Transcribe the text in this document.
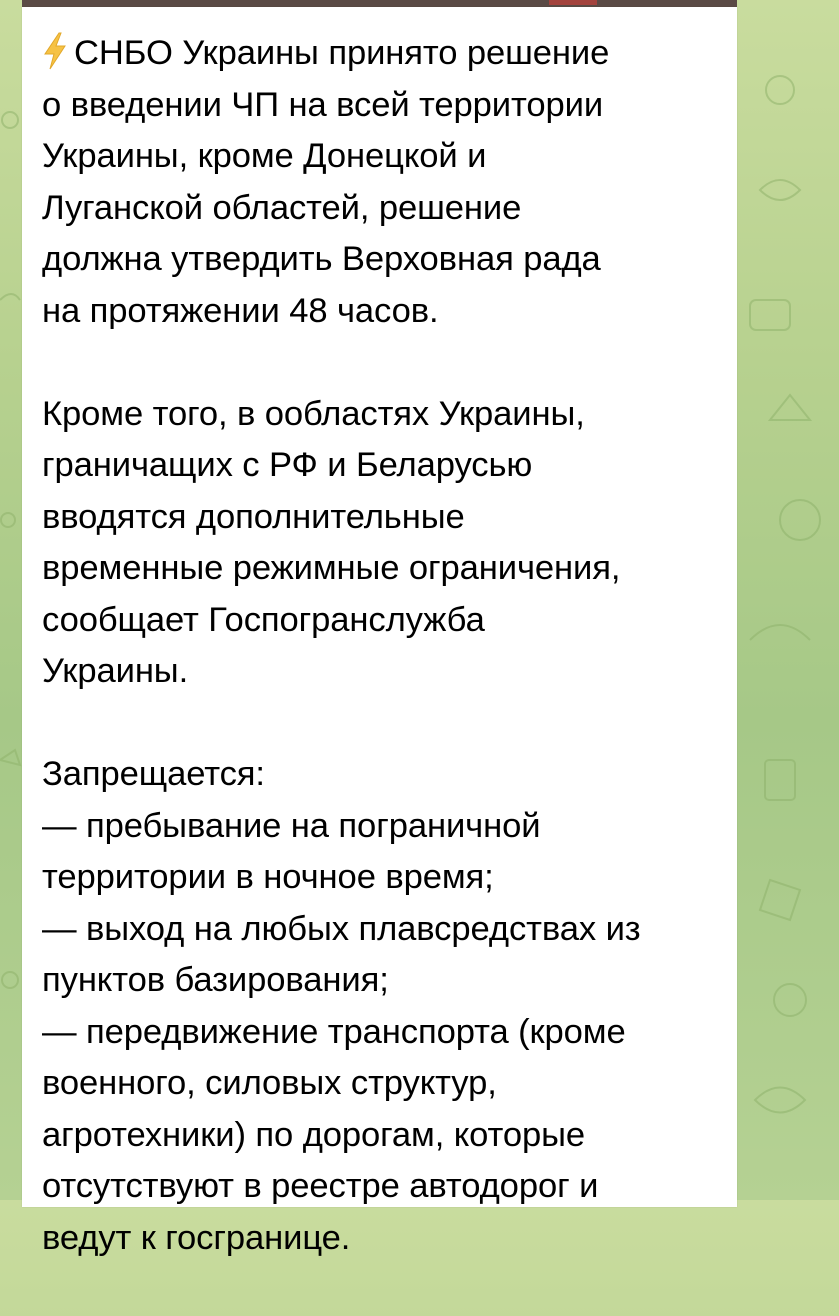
СНБО Украины принято решение
о введении ЧП на всей территории
Украины, кроме Донецкой и
Луганской областей, решение
должна утвердить Верховная рада
на протяжении 48 часов.
Кроме того, в ообластях Украины,
граничащих с РФ и Беларусью
вводятся дополнительные
временные режимные ограничения,
сообщает Госпогранслужба
Украины.
Запрещается:
— пребывание на пограничной
территории в ночное время;
— выход на любых плавсредствах из
пунктов базирования;
— передвижение транспорта (кроме
военного, силовых структур,
агротехники) по дорогам, которые
отсутствуют в реестре автодорог и
ведут к госгранице.
